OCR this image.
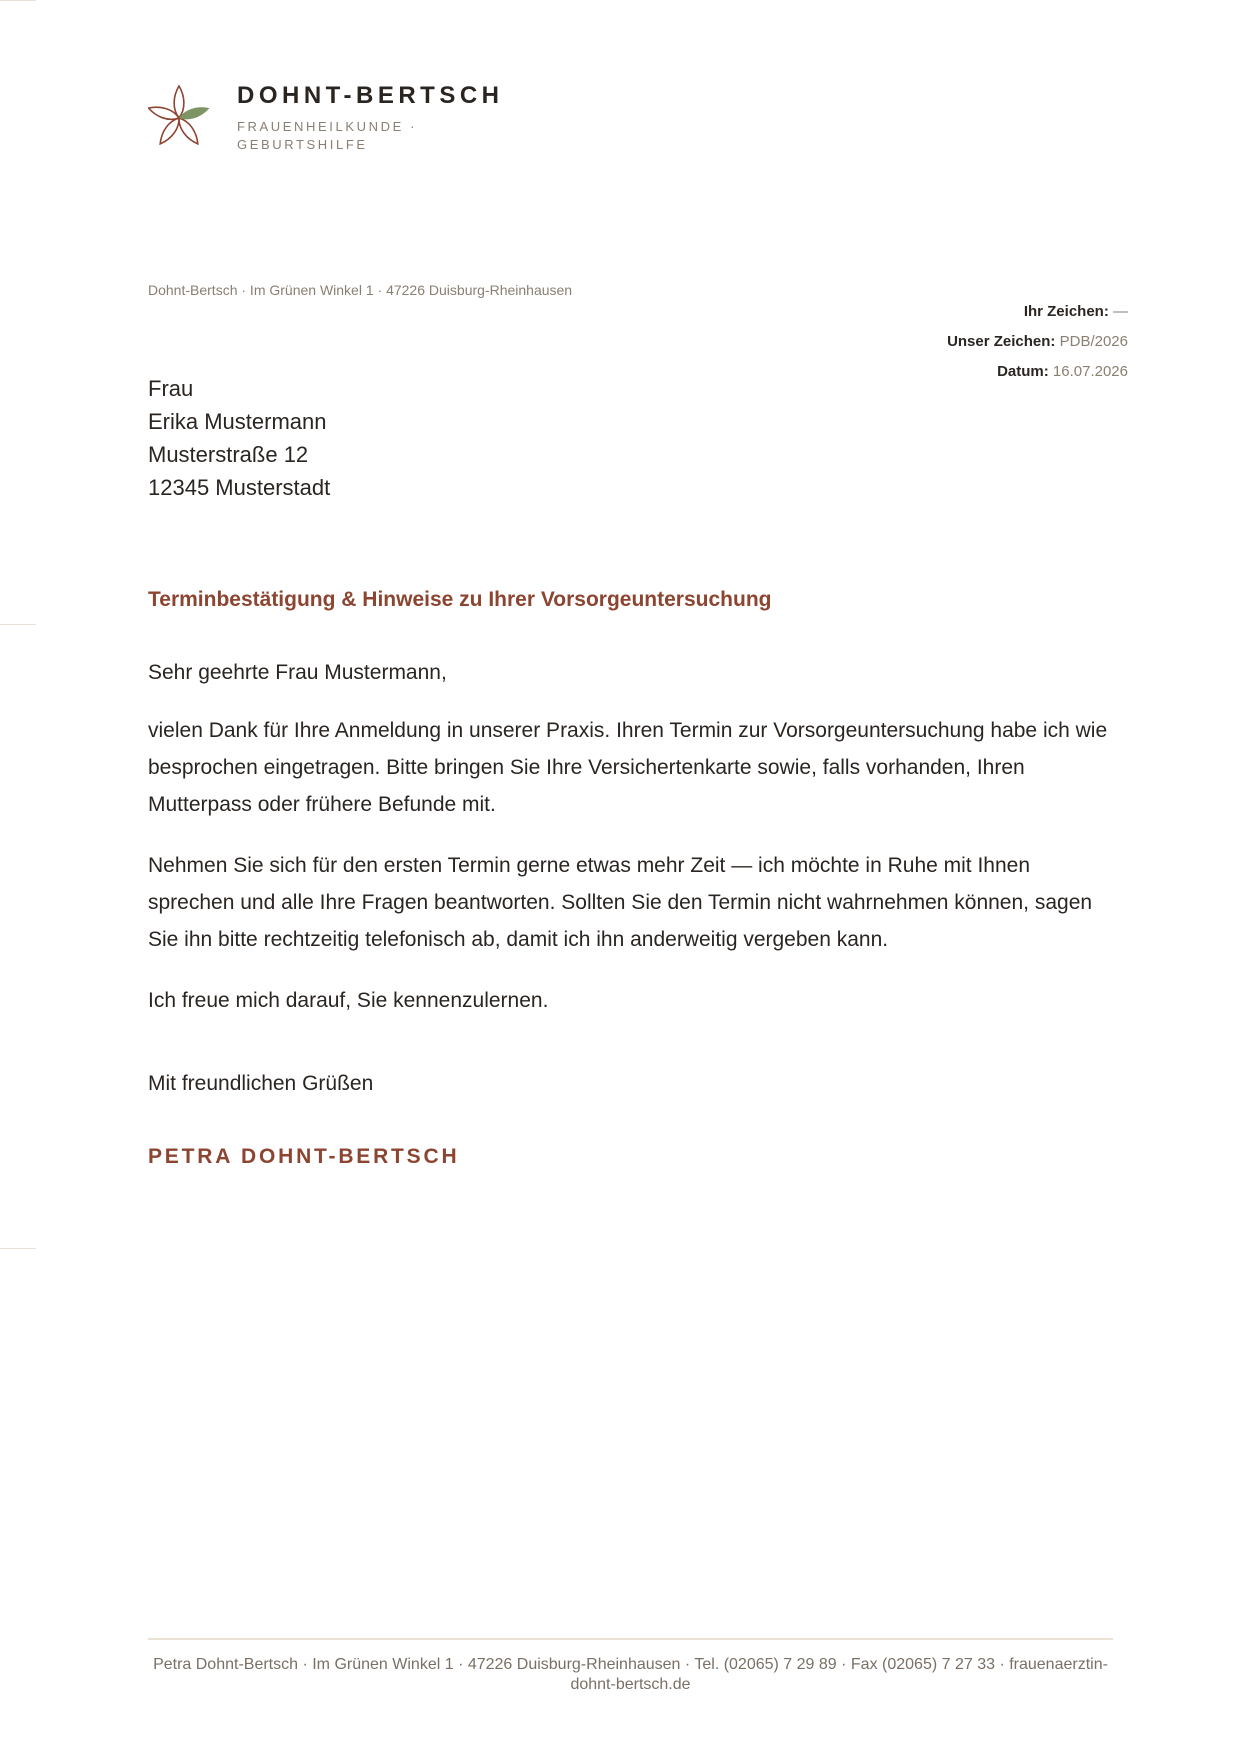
DOHNT-BERTSCH
FRAUENHEILKUNDE · GEBURTSHILFE
Dohnt-Bertsch · Im Grünen Winkel 1 · 47226 Duisburg-Rheinhausen
Ihr Zeichen: —
Unser Zeichen: PDB/2026
Datum: 16.07.2026
Frau
Erika Mustermann
Musterstraße 12
12345 Musterstadt
Terminbestätigung & Hinweise zu Ihrer Vorsorgeuntersuchung
Sehr geehrte Frau Mustermann,

vielen Dank für Ihre Anmeldung in unserer Praxis. Ihren Termin zur Vorsorgeuntersuchung habe ich wie besprochen eingetragen. Bitte bringen Sie Ihre Versichertenkarte sowie, falls vorhanden, Ihren Mutterpass oder frühere Befunde mit.

Nehmen Sie sich für den ersten Termin gerne etwas mehr Zeit — ich möchte in Ruhe mit Ihnen sprechen und alle Ihre Fragen beantworten. Sollten Sie den Termin nicht wahrnehmen können, sagen Sie ihn bitte rechtzeitig telefonisch ab, damit ich ihn anderweitig vergeben kann.

Ich freue mich darauf, Sie kennenzulernen.

Mit freundlichen Grüßen
PETRA DOHNT-BERTSCH
Petra Dohnt-Bertsch · Im Grünen Winkel 1 · 47226 Duisburg-Rheinhausen · Tel. (02065) 7 29 89 · Fax (02065) 7 27 33 · frauenaerztin-dohnt-bertsch.de
